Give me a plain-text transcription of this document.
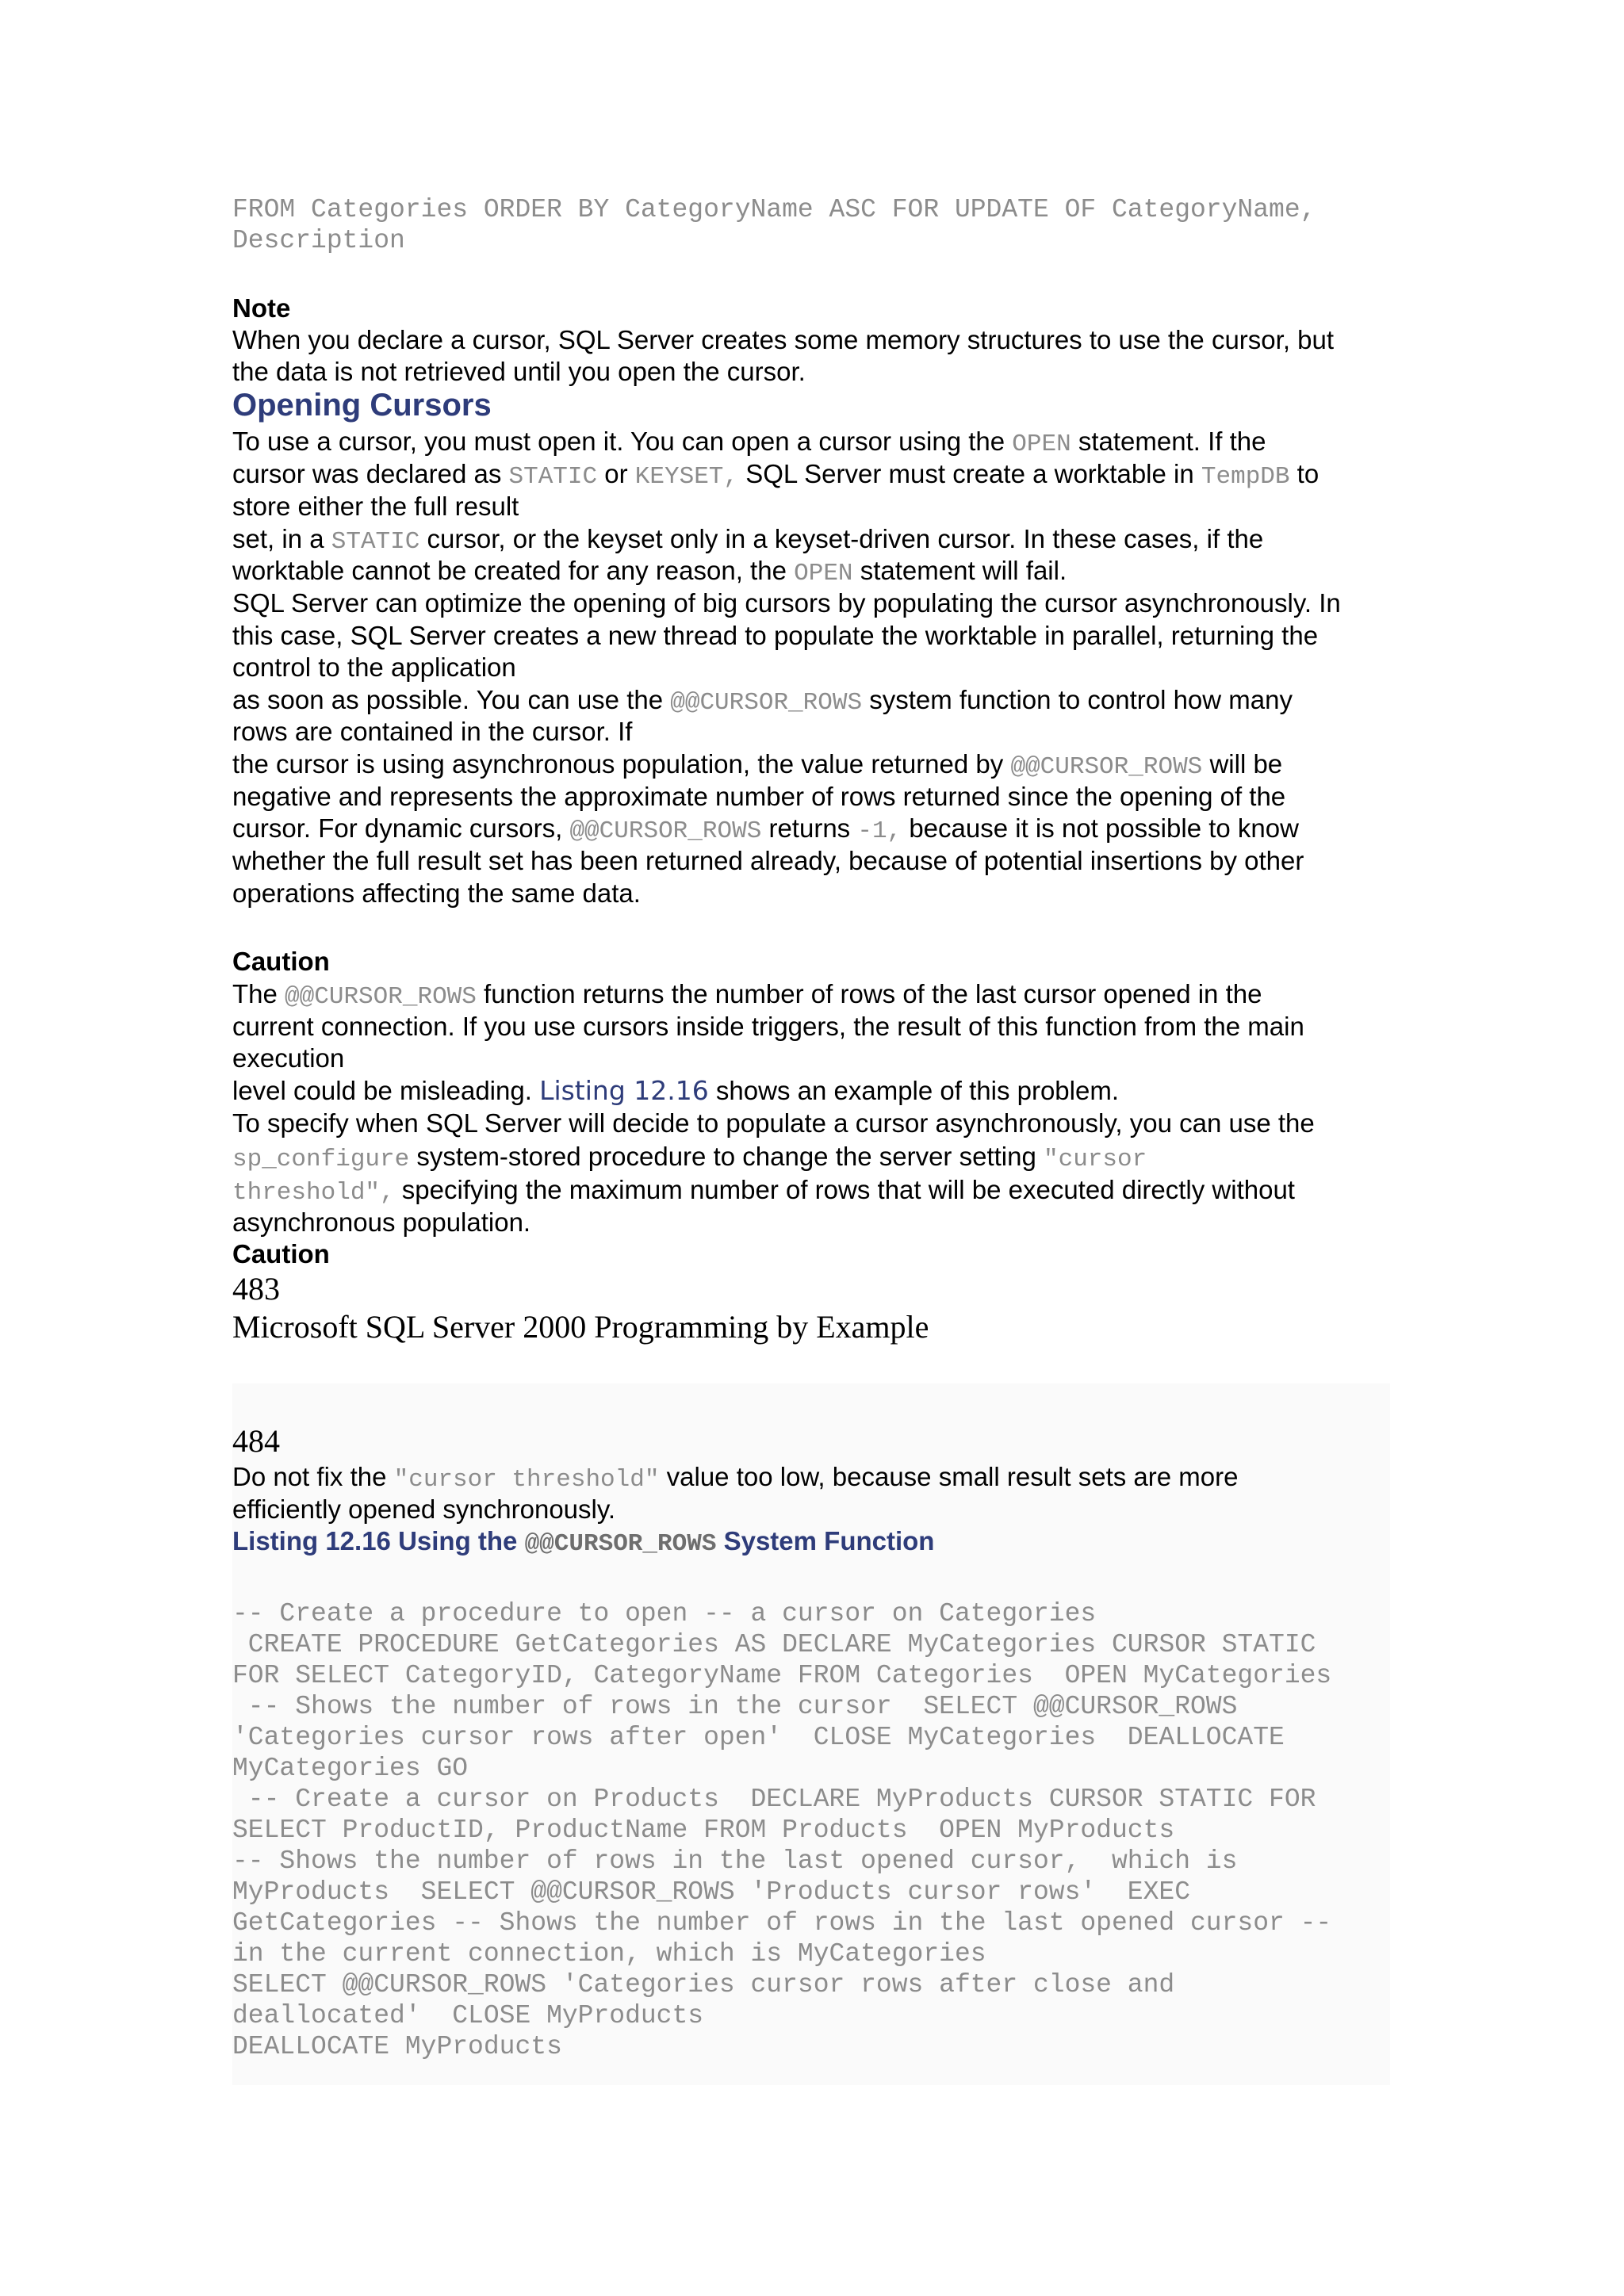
FROM Categories ORDER BY CategoryName ASC FOR UPDATE OF CategoryName,
Description
Note
When you declare a cursor, SQL Server creates some memory structures to use the cursor, but
the data is not retrieved until you open the cursor.
Opening Cursors
To use a cursor, you must open it. You can open a cursor using the OPEN statement. If the
cursor was declared as STATIC or KEYSET, SQL Server must create a worktable in TempDB to
store either the full result
set, in a STATIC cursor, or the keyset only in a keyset-driven cursor. In these cases, if the
worktable cannot be created for any reason, the OPEN statement will fail.
SQL Server can optimize the opening of big cursors by populating the cursor asynchronously. In
this case, SQL Server creates a new thread to populate the worktable in parallel, returning the
control to the application
as soon as possible. You can use the @@CURSOR_ROWS system function to control how many
rows are contained in the cursor. If
the cursor is using asynchronous population, the value returned by @@CURSOR_ROWS will be
negative and represents the approximate number of rows returned since the opening of the
cursor. For dynamic cursors, @@CURSOR_ROWS returns -1, because it is not possible to know
whether the full result set has been returned already, because of potential insertions by other
operations affecting the same data.
Caution
The @@CURSOR_ROWS function returns the number of rows of the last cursor opened in the
current connection. If you use cursors inside triggers, the result of this function from the main
execution
level could be misleading. Listing 12.16 shows an example of this problem.
To specify when SQL Server will decide to populate a cursor asynchronously, you can use the
sp_configure system-stored procedure to change the server setting "cursor
threshold", specifying the maximum number of rows that will be executed directly without
asynchronous population.
Caution
483
Microsoft SQL Server 2000 Programming by Example
484
Do not fix the "cursor threshold" value too low, because small result sets are more
efficiently opened synchronously.
Listing 12.16 Using the @@CURSOR_ROWS System Function
-- Create a procedure to open -- a cursor on Categories
CREATE PROCEDURE GetCategories AS DECLARE MyCategories CURSOR STATIC
FOR SELECT CategoryID, CategoryName FROM Categories  OPEN MyCategories
-- Shows the number of rows in the cursor  SELECT @@CURSOR_ROWS
'Categories cursor rows after open'  CLOSE MyCategories  DEALLOCATE
MyCategories GO
-- Create a cursor on Products  DECLARE MyProducts CURSOR STATIC FOR
SELECT ProductID, ProductName FROM Products  OPEN MyProducts
-- Shows the number of rows in the last opened cursor,  which is
MyProducts  SELECT @@CURSOR_ROWS 'Products cursor rows'  EXEC
GetCategories -- Shows the number of rows in the last opened cursor --
in the current connection, which is MyCategories
SELECT @@CURSOR_ROWS 'Categories cursor rows after close and
deallocated'  CLOSE MyProducts
DEALLOCATE MyProducts
